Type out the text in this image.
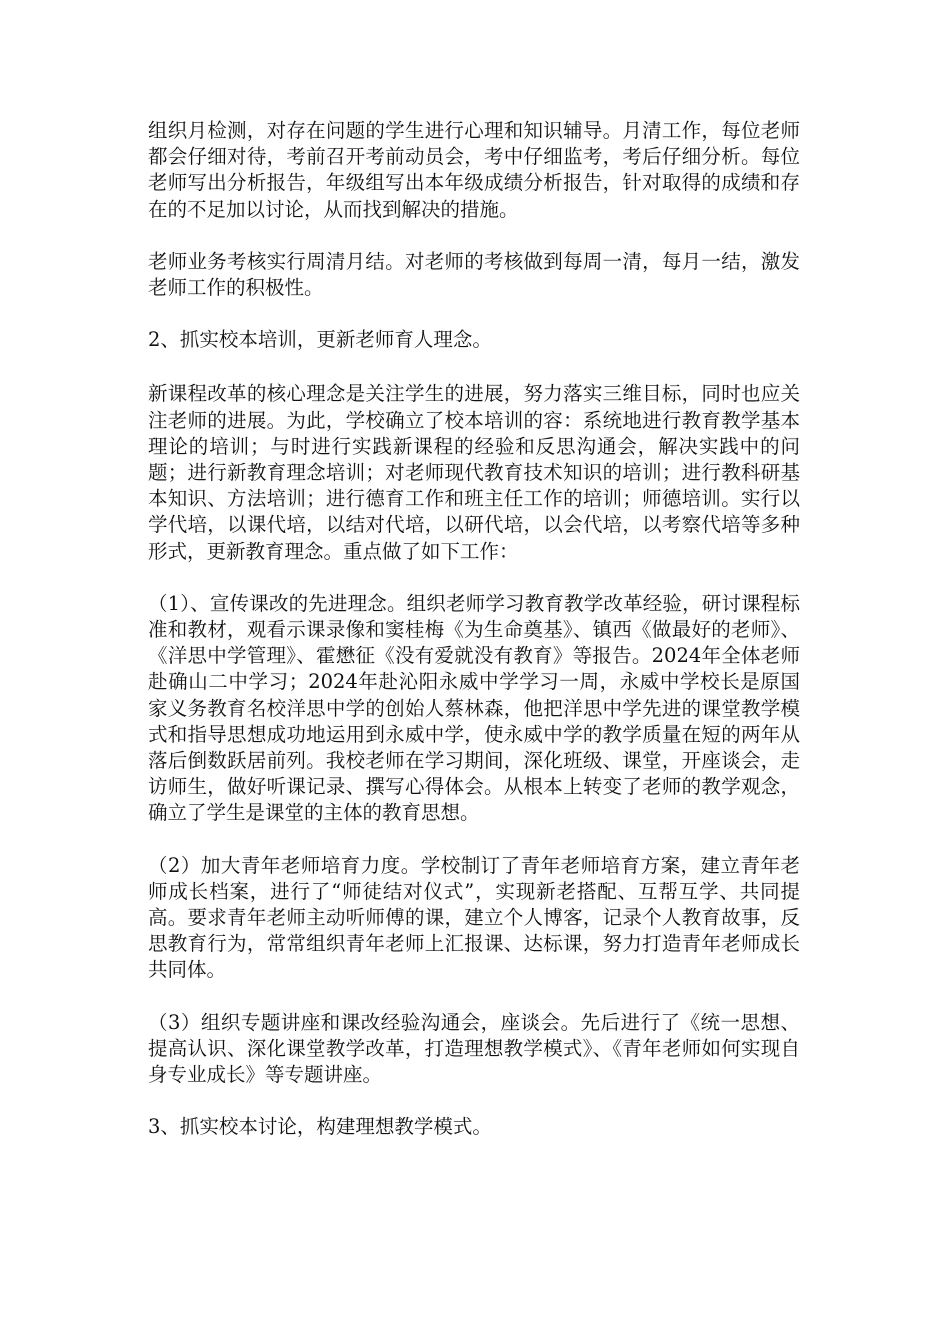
组织月检测，对存在问题的学生进行心理和知识辅导。月清工作，每位老师都会仔细对待，考前召开考前动员会，考中仔细监考，考后仔细分析。每位老师写出分析报告，年级组写出本年级成绩分析报告，针对取得的成绩和存在的不足加以讨论，从而找到解决的措施。

老师业务考核实行周清月结。对老师的考核做到每周一清，每月一结，激发老师工作的积极性。

2、抓实校本培训，更新老师育人理念。

新课程改革的核心理念是关注学生的进展，努力落实三维目标，同时也应关注老师的进展。为此，学校确立了校本培训的容：系统地进行教育教学基本理论的培训；与时进行实践新课程的经验和反思沟通会，解决实践中的问题；进行新教育理念培训；对老师现代教育技术知识的培训；进行教科研基本知识、方法培训；进行德育工作和班主任工作的培训；师德培训。实行以学代培，以课代培，以结对代培，以研代培，以会代培，以考察代培等多种形式，更新教育理念。重点做了如下工作：

（1）、宣传课改的先进理念。组织老师学习教育教学改革经验，研讨课程标准和教材，观看示课录像和窦桂梅《为生命奠基》、镇西《做最好的老师》、《洋思中学管理》、霍懋征《没有爱就没有教育》等报告。2024年全体老师赴确山二中学习；2024年赴沁阳永威中学学习一周，永威中学校长是原国家义务教育名校洋思中学的创始人蔡林森，他把洋思中学先进的课堂教学模式和指导思想成功地运用到永威中学，使永威中学的教学质量在短的两年从落后倒数跃居前列。我校老师在学习期间，深化班级、课堂，开座谈会，走访师生，做好听课记录、撰写心得体会。从根本上转变了老师的教学观念，确立了学生是课堂的主体的教育思想。

（2）加大青年老师培育力度。学校制订了青年老师培育方案，建立青年老师成长档案，进行了“师徒结对仪式”，实现新老搭配、互帮互学、共同提高。要求青年老师主动听师傅的课，建立个人博客，记录个人教育故事，反思教育行为，常常组织青年老师上汇报课、达标课，努力打造青年老师成长共同体。

（3）组织专题讲座和课改经验沟通会，座谈会。先后进行了《统一思想、提高认识、深化课堂教学改革，打造理想教学模式》、《青年老师如何实现自身专业成长》等专题讲座。

3、抓实校本讨论，构建理想教学模式。
